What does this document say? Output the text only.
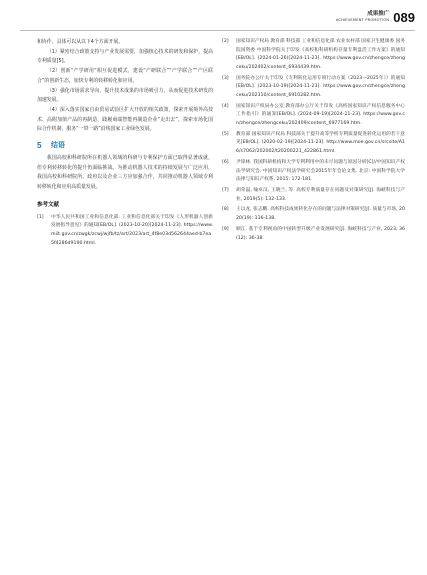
成果推广
ACHIEVEMENT PROMOTION 089

和协作。具体可以从以下4个方面开展。

（1）紧密结合政策支持与产业发展需要，加强核心技术的研发和保护，提高专利质量[5]。

（2）创新“产学研用”相互促进模式，建设“产研联合”“产学联合”“产区联合”的创新生态，加快专利的转移转化和应用。

（3）强化市场需求导向，提升技术成果的市场吸引力，从而促进技术研发的加速发展。

（4）深入落实国家自由贸易试验区扩大开放的相关政策，探索开展境外高技术、高附加值产品的再制造，践履商端智能再制造企业“走出去”，探索市场化国际合作机制，服务“一带一路”沿线国家工业绿色发展。

5	结语

我国高校和科研院所在机器人领域的科研与专利保护方面已取得显著成就，但专利转移转化的提升仍面临挑战。为推动机器人技术的持续发展与广泛应用，我国高校和科研院所、政府以及企业三方应加强合作，共同推动机器人领域专利转移转化和应用高质量发展。

参考文献
[1]	中华人民共和国工业和信息化部. 工业和信息化部关于印发《人形机器人创新发展指导意见》的通知[EB/OL]. (2023-10-20)[2024-11-23]. https://www.miit.gov.cn/zwgk/zcwj/wjfb/tz/art/2023/art_4f8e03d562644aed-b7ea5f4286d9190.html.
[2]	国家知识产权局 教育部 科技部 工业和信息化部 农业农村部 国家卫生健康委 国务院国资委 中国科学院关于印发《高校和科研机构存量专利盘活工作方案》的通知[EB/OL]. (2024-01-26)[2024-11-23]. https://www.gov.cn/zhengce/zhengceku/202402/content_6934439.htm.
[3]	国务院办公厅关于印发《专利转化运用专项行动方案（2023—2025年）》的通知[EB/OL]. (2023-10-19)[2024-11-23]. https://www.gov.cn/zhengce/zhengceku/202310/content_6910282.htm.
[4]	国家知识产权局办公室 教育部办公厅关于印发《高校国家知识产权信息服务中心工作指引》的通知[EB/OL]. (2024-09-19)[2024-11-23]. https://www.gov.cn/zhengce/zhengceku/202409/content_6977169.htm.
[5]	教育部 国家知识产权局 科技部关于提升高等学校专利质量促进转化运用的若干意见[EB/OL]. (2020-02-19)[2024-11-23]. http://www.moe.gov.cn/srcsite/A16/s7062/202002/t20200221_422861.html.
[6]	尹锋林. 我国科研机构和大学专利利用中的未尽问题与原因分析[C]//中国知识产权法学研究会. 中国知识产权法学研究会2015年年会论文集. 北京: 中国科学院大学法律与知识产权系, 2015: 172-181.
[7]	胡荣磊, 喻卓汉, 王晓兰, 等. 高校专利质量存在问题及对策研究[J]. 海峡科技与产业, 2019(5): 132-133.
[8]	王以龙, 张志鹏. 高校科技成果转化存在的问题与法律对策研究[J]. 质量与市场, 2020(19): 136-138.
[9]	顾江. 基于专利视角的中国转型升级产业发展研究[J]. 海峡科技与产业, 2023, 36(12): 36-38.
